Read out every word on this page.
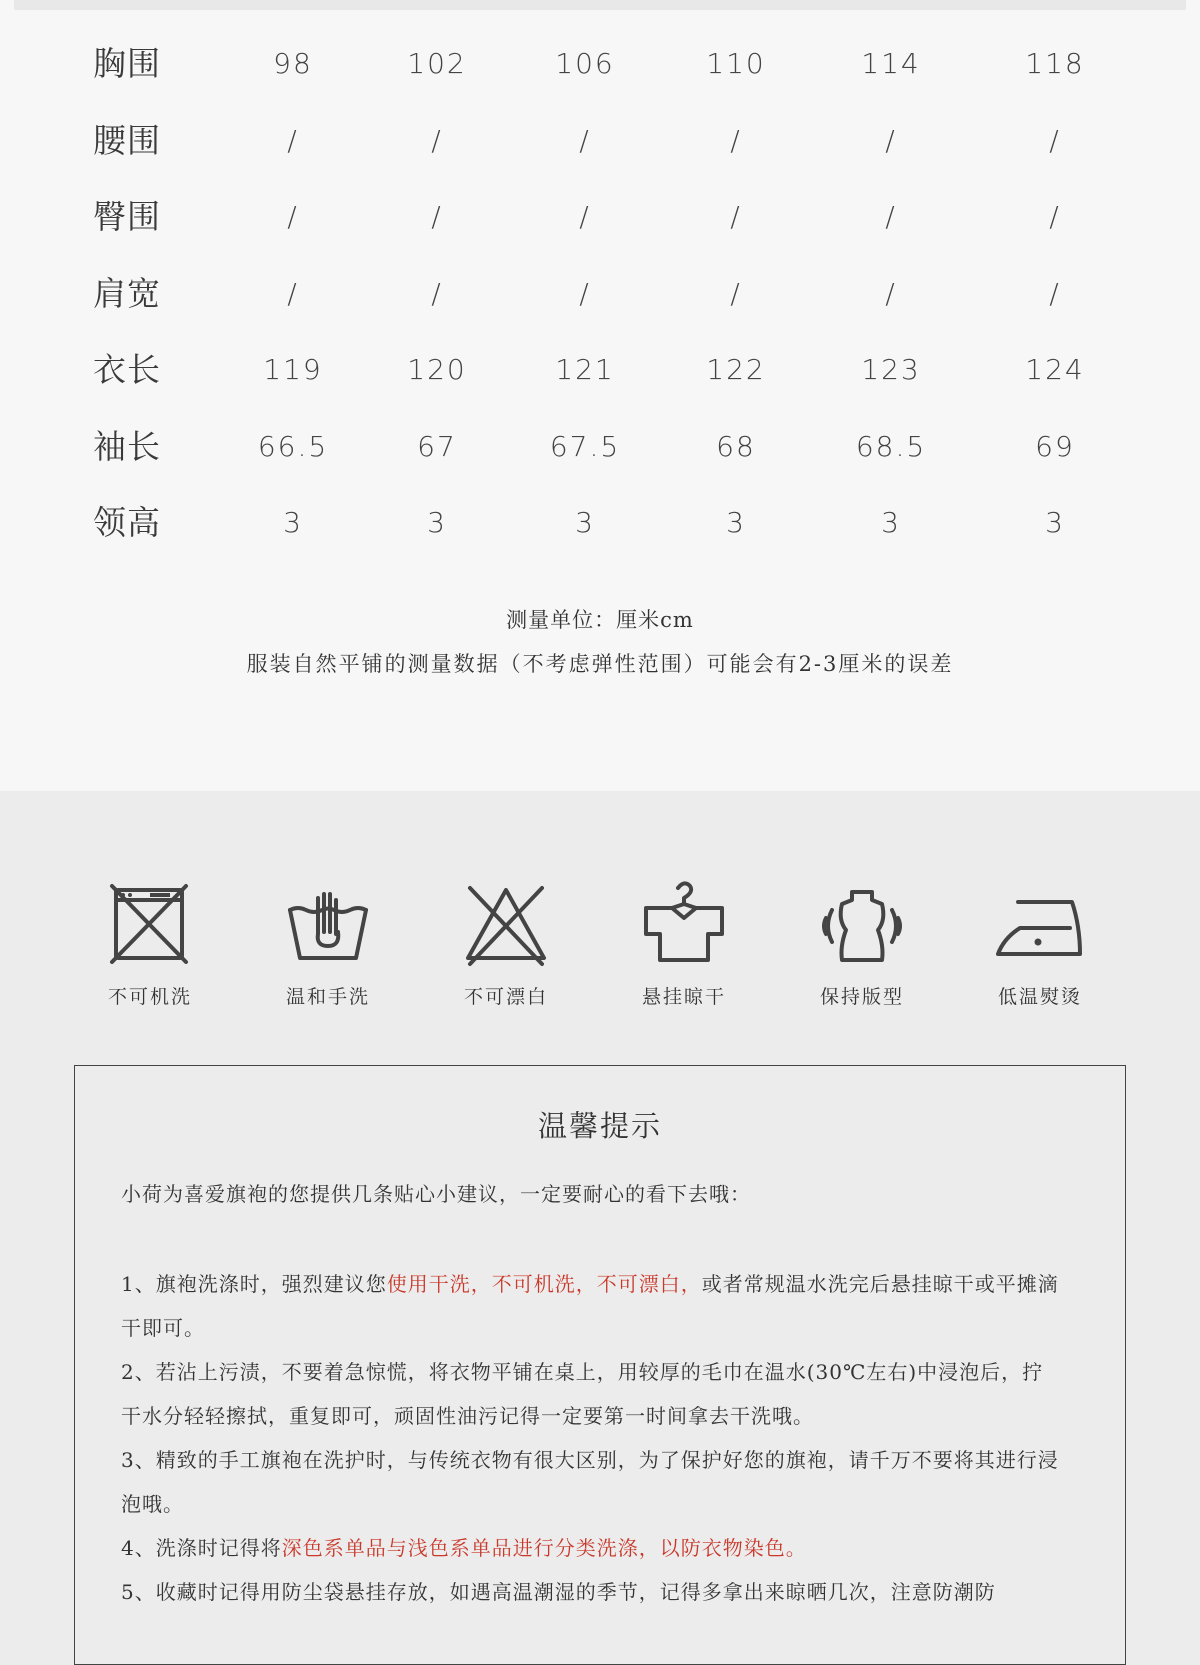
胸围	98	102	106	110	114	118
腰围	/	/	/	/	/	/
臀围	/	/	/	/	/	/
肩宽	/	/	/	/	/	/
衣长	119	120	121	122	123	124
袖长	66.5	67	67.5	68	68.5	69
领高	3	3	3	3	3	3
测量单位：厘米cm
服装自然平铺的测量数据（不考虑弹性范围）可能会有2-3厘米的误差
不可机洗	温和手洗	不可漂白	悬挂晾干	保持版型	低温熨烫
温馨提示
小荷为喜爱旗袍的您提供几条贴心小建议，一定要耐心的看下去哦：
1、旗袍洗涤时，强烈建议您使用干洗，不可机洗，不可漂白，或者常规温水洗完后悬挂晾干或平摊滴干即可。
2、若沾上污渍，不要着急惊慌，将衣物平铺在桌上，用较厚的毛巾在温水(30℃左右)中浸泡后，拧干水分轻轻擦拭，重复即可，顽固性油污记得一定要第一时间拿去干洗哦。
3、精致的手工旗袍在洗护时，与传统衣物有很大区别，为了保护好您的旗袍，请千万不要将其进行浸泡哦。
4、洗涤时记得将深色系单品与浅色系单品进行分类洗涤，以防衣物染色。
5、收藏时记得用防尘袋悬挂存放，如遇高温潮湿的季节，记得多拿出来晾晒几次，注意防潮防
